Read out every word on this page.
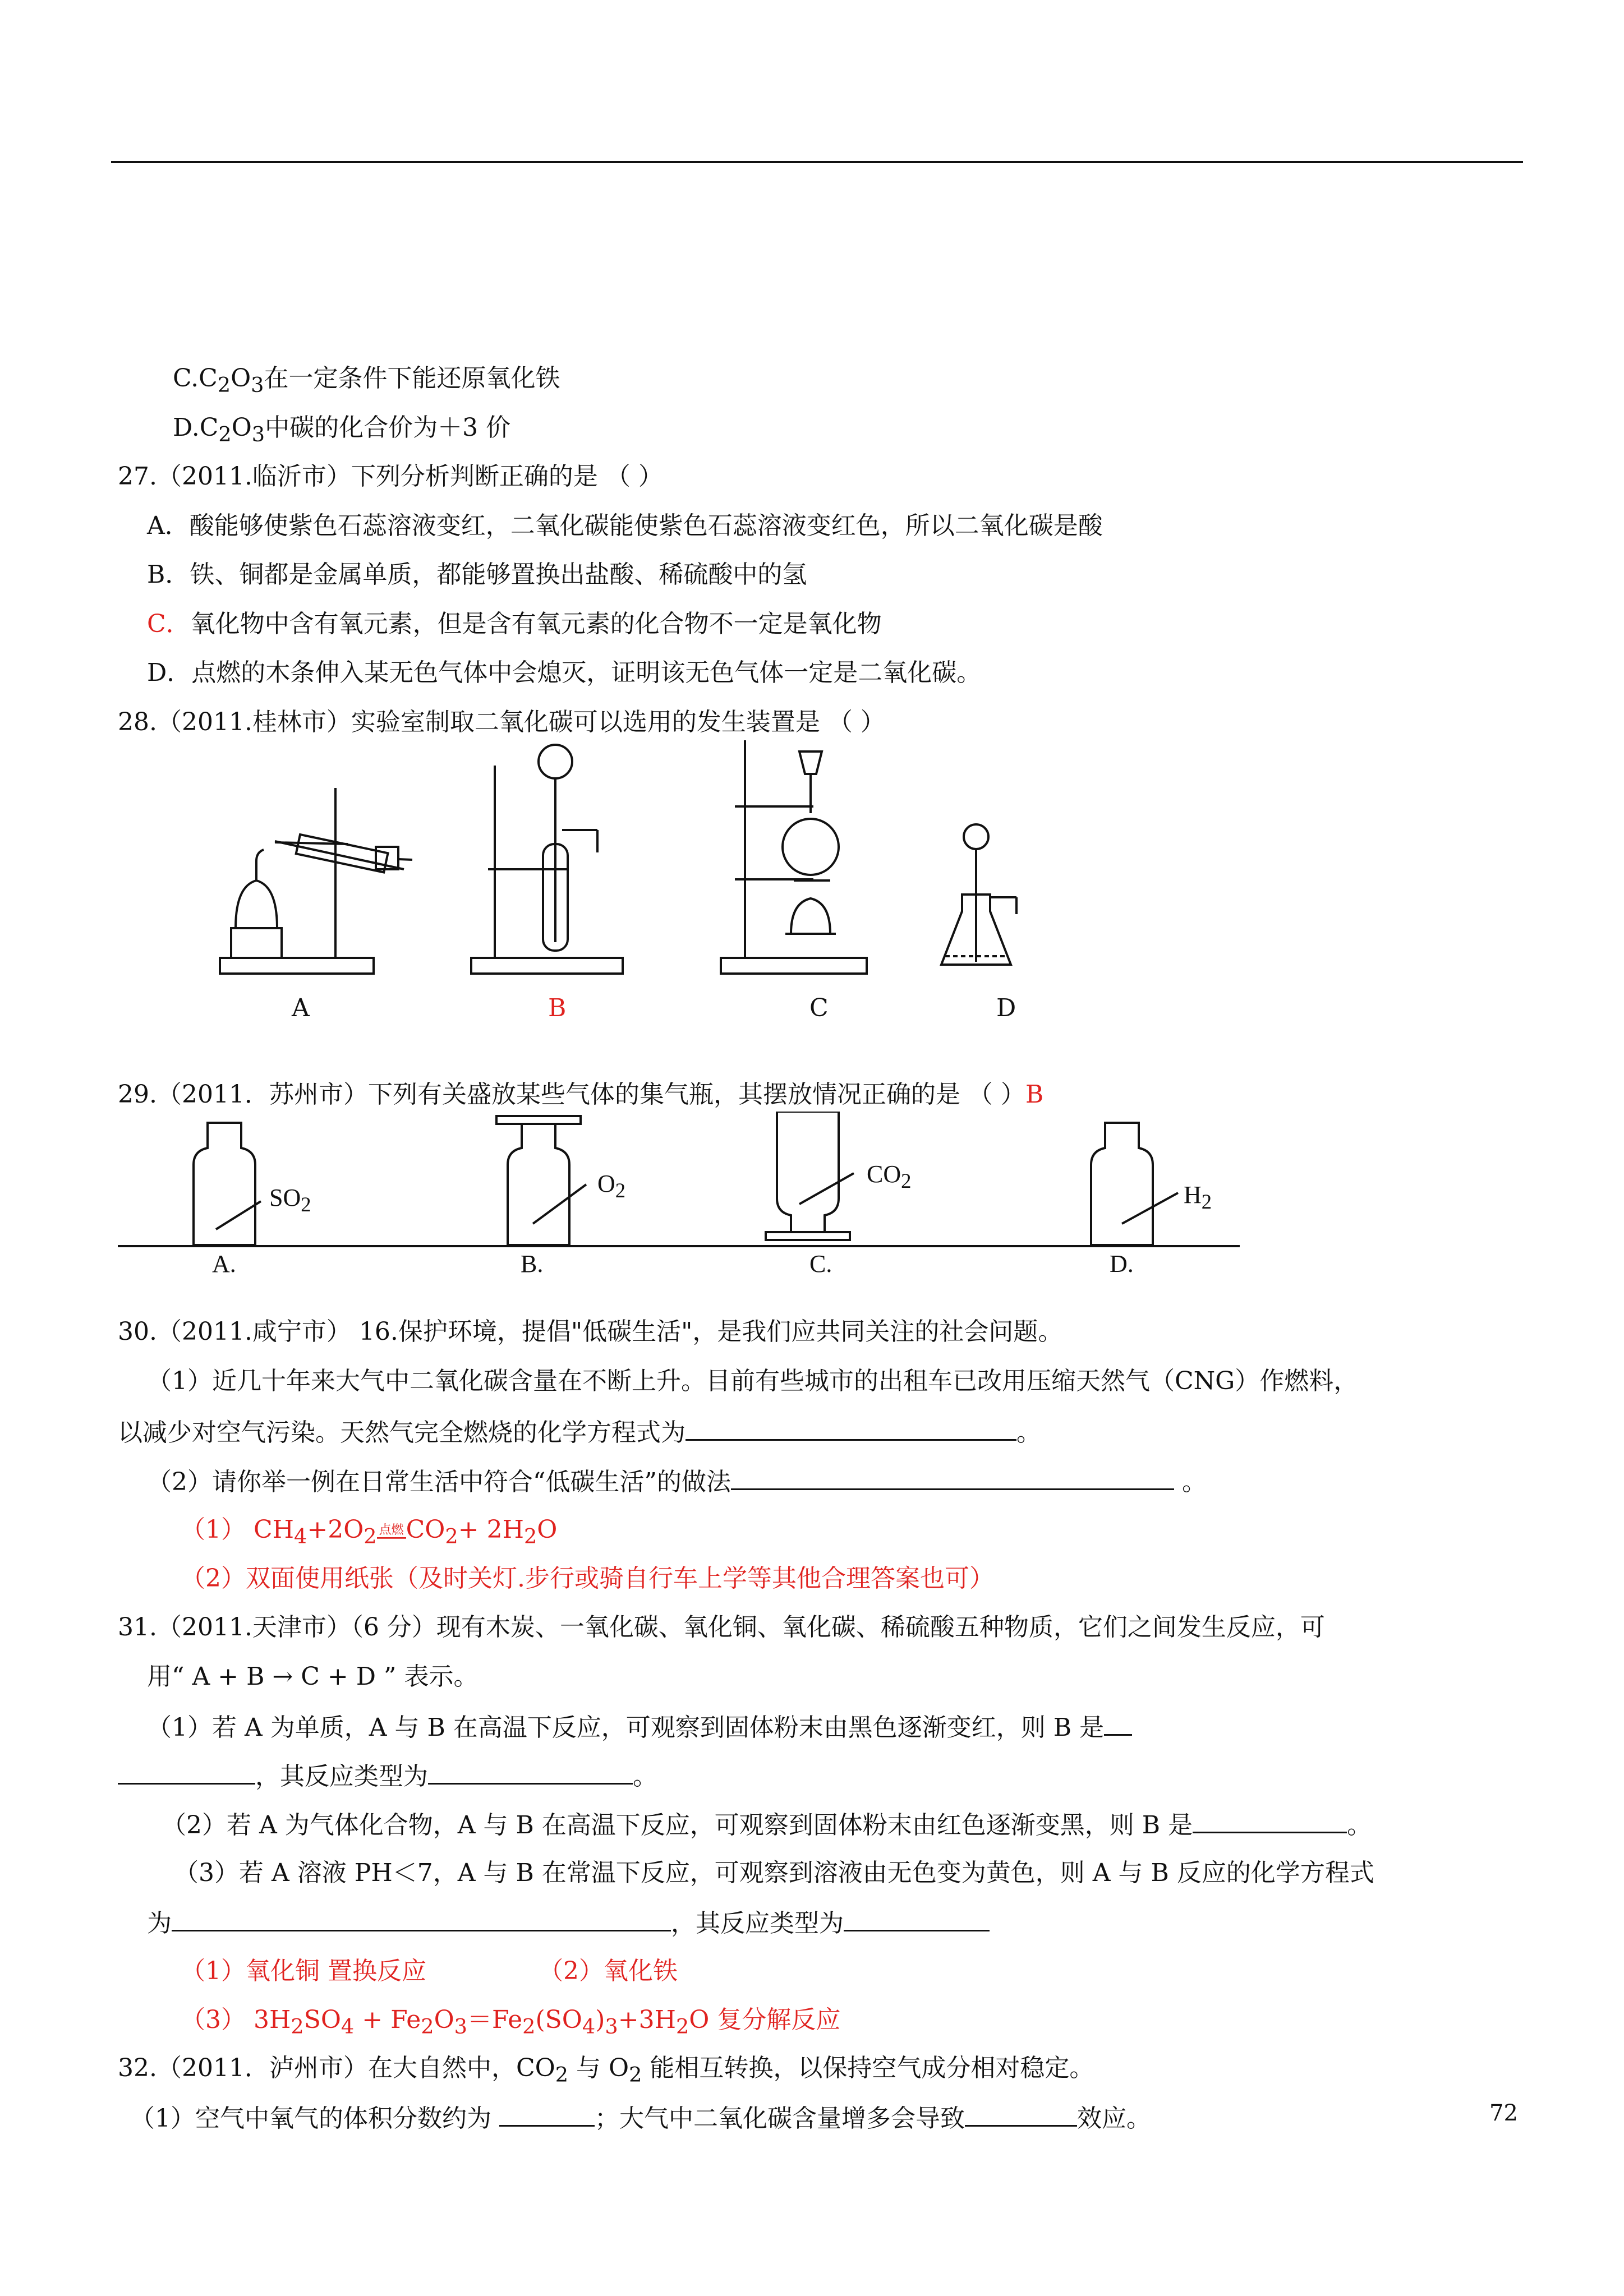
$C.C_2O_3$在一定条件下能还原氧化铁
$D.C_2O_3$中碳的化合价为＋3 价
27.（2011.临沂市）下列分析判断正确的是 （ ）
A．酸能够使紫色石蕊溶液变红，二氧化碳能使紫色石蕊溶液变红色，所以二氧化碳是酸
B．铁、铜都是金属单质，都能够置换出盐酸、稀硫酸中的氢
C．氧化物中含有氧元素，但是含有氧元素的化合物不一定是氧化物
D．点燃的木条伸入某无色气体中会熄灭，证明该无色气体一定是二氧化碳。
28.（2011.桂林市）实验室制取二氧化碳可以选用的发生装置是 （ ）
A	B	C	D
29.（2011．苏州市）下列有关盛放某些气体的集气瓶，其摆放情况正确的是 （ ）B
$SO_2$
$O_2$
$CO_2$
$H_2$
A.	B.	C.	D.
30.（2011.咸宁市） 16.保护环境，提倡"低碳生活"，是我们应共同关注的社会问题。
（1）近几十年来大气中二氧化碳含量在不断上升。目前有些城市的出租车已改用压缩天然气（CNG）作燃料，
以减少对空气污染。天然气完全燃烧的化学方程式为	。
（2）请你举一例在日常生活中符合“低碳生活”的做法	。
（1） $CH_4+2O_2$ 点燃$CO_2+ 2H_2O$
（2）双面使用纸张（及时关灯.步行或骑自行车上学等其他合理答案也可）
31.（2011.天津市）（6 分）现有木炭、一氧化碳、氧化铜、氧化碳、稀硫酸五种物质，它们之间发生反应，可
用“ A + B → C + D ” 表示。
（1）若 A 为单质，A 与 B 在高温下反应，可观察到固体粉末由黑色逐渐变红，则 B 是
，其反应类型为	。
（2）若 A 为气体化合物，A 与 B 在高温下反应，可观察到固体粉末由红色逐渐变黑，则 B 是	。
（3）若 A 溶液 PH＜7，A 与 B 在常温下反应，可观察到溶液由无色变为黄色，则 A 与 B 反应的化学方程式
为	，其反应类型为
（1）氧化铜 置换反应	（2）氧化铁
（3） $3H_2SO_4 + Fe_2O_3=Fe_2(SO_4)_3+3H_2O$ 复分解反应
32.（2011．泸州市）在大自然中，$CO_2$ 与 $O_2$ 能相互转换，以保持空气成分相对稳定。
（1）空气中氧气的体积分数约为	；大气中二氧化碳含量增多会导致	效应。	72
